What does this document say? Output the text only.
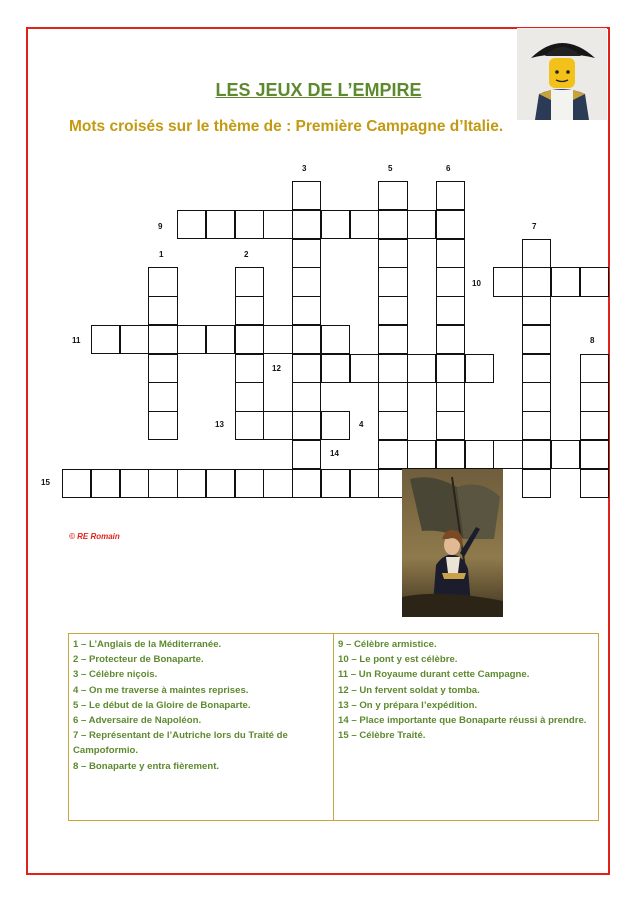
LES JEUX DE L’EMPIRE
Mots croisés sur le thème de : Première Campagne d’Italie.
1	2
3
4
5	6
7
8
9
10
11
12
13
14
15
© RE Romain
1 – L’Anglais de la Méditerranée.
2 – Protecteur de Bonaparte.
3 – Célèbre niçois.
4 – On me traverse à maintes reprises.
5 – Le début de la Gloire de Bonaparte.
6 – Adversaire de Napoléon.
7 – Représentant de l’Autriche lors du Traité de Campoformio.
8 – Bonaparte y entra fièrement.
9 – Célèbre armistice.
10 – Le pont y est célèbre.
11 – Un Royaume durant cette Campagne.
12 – Un fervent soldat y tomba.
13 – On y prépara l’expédition.
14 – Place importante que Bonaparte réussi à prendre.
15 – Célèbre Traité.
